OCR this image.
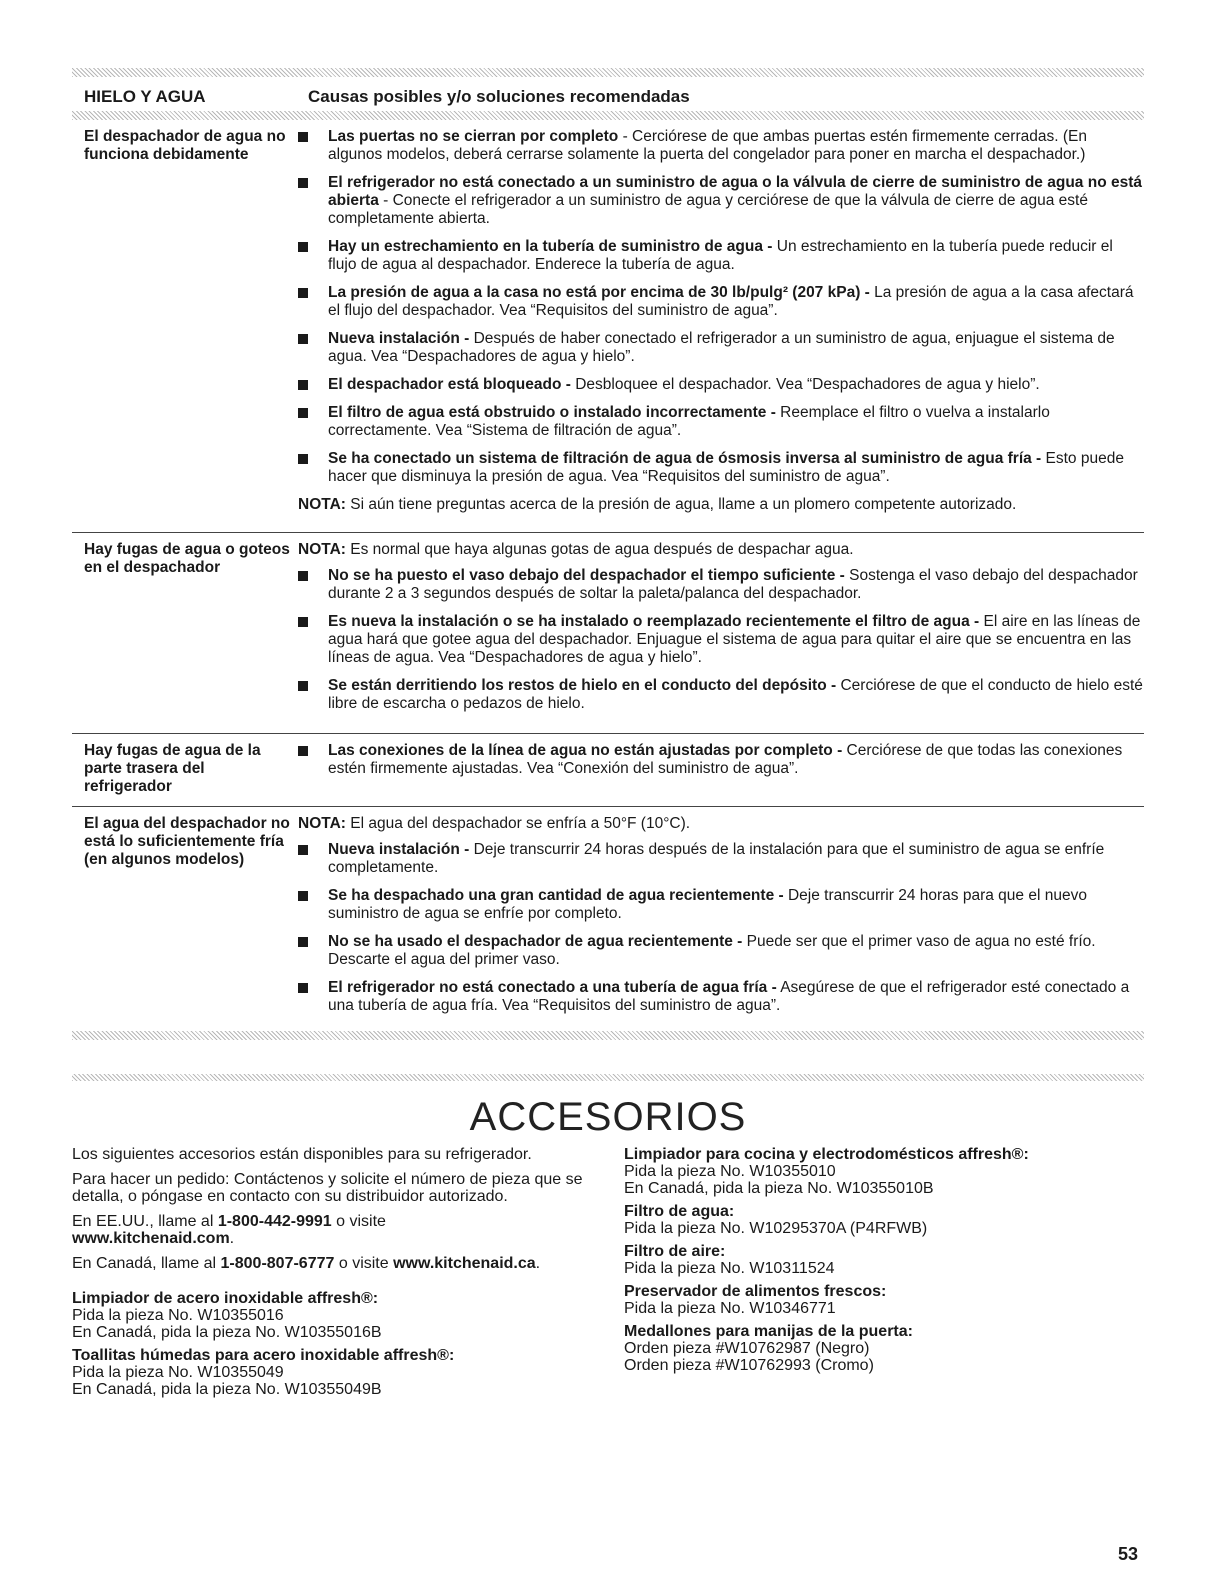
HIELO Y AGUA	Causas posibles y/o soluciones recomendadas
El despachador de agua no funciona debidamente
Las puertas no se cierran por completo - Cerciórese de que ambas puertas estén firmemente cerradas. (En algunos modelos, deberá cerrarse solamente la puerta del congelador para poner en marcha el despachador.)
El refrigerador no está conectado a un suministro de agua o la válvula de cierre de suministro de agua no está abierta - Conecte el refrigerador a un suministro de agua y cerciórese de que la válvula de cierre de agua esté completamente abierta.
Hay un estrechamiento en la tubería de suministro de agua - Un estrechamiento en la tubería puede reducir el flujo de agua al despachador. Enderece la tubería de agua.
La presión de agua a la casa no está por encima de 30 lb/pulg² (207 kPa) - La presión de agua a la casa afectará el flujo del despachador. Vea “Requisitos del suministro de agua”.
Nueva instalación - Después de haber conectado el refrigerador a un suministro de agua, enjuague el sistema de agua. Vea “Despachadores de agua y hielo”.
El despachador está bloqueado - Desbloquee el despachador. Vea “Despachadores de agua y hielo”.
El filtro de agua está obstruido o instalado incorrectamente - Reemplace el filtro o vuelva a instalarlo correctamente. Vea “Sistema de filtración de agua”.
Se ha conectado un sistema de filtración de agua de ósmosis inversa al suministro de agua fría - Esto puede hacer que disminuya la presión de agua. Vea “Requisitos del suministro de agua”.
NOTA: Si aún tiene preguntas acerca de la presión de agua, llame a un plomero competente autorizado.
Hay fugas de agua o goteos en el despachador
NOTA: Es normal que haya algunas gotas de agua después de despachar agua.
No se ha puesto el vaso debajo del despachador el tiempo suficiente - Sostenga el vaso debajo del despachador durante 2 a 3 segundos después de soltar la paleta/palanca del despachador.
Es nueva la instalación o se ha instalado o reemplazado recientemente el filtro de agua - El aire en las líneas de agua hará que gotee agua del despachador. Enjuague el sistema de agua para quitar el aire que se encuentra en las líneas de agua. Vea “Despachadores de agua y hielo”.
Se están derritiendo los restos de hielo en el conducto del depósito - Cerciórese de que el conducto de hielo esté libre de escarcha o pedazos de hielo.
Hay fugas de agua de la parte trasera del refrigerador
Las conexiones de la línea de agua no están ajustadas por completo - Cerciórese de que todas las conexiones estén firmemente ajustadas. Vea “Conexión del suministro de agua”.
El agua del despachador no está lo suficientemente fría (en algunos modelos)
NOTA: El agua del despachador se enfría a 50°F (10°C).
Nueva instalación - Deje transcurrir 24 horas después de la instalación para que el suministro de agua se enfríe completamente.
Se ha despachado una gran cantidad de agua recientemente - Deje transcurrir 24 horas para que el nuevo suministro de agua se enfríe por completo.
No se ha usado el despachador de agua recientemente - Puede ser que el primer vaso de agua no esté frío. Descarte el agua del primer vaso.
El refrigerador no está conectado a una tubería de agua fría - Asegúrese de que el refrigerador esté conectado a una tubería de agua fría. Vea “Requisitos del suministro de agua”.
ACCESORIOS

Los siguientes accesorios están disponibles para su refrigerador.

Para hacer un pedido: Contáctenos y solicite el número de pieza que se detalla, o póngase en contacto con su distribuidor autorizado.

En EE.UU., llame al 1-800-442-9991 o visite
www.kitchenaid.com.

En Canadá, llame al 1-800-807-6777 o visite www.kitchenaid.ca.

Limpiador de acero inoxidable affresh®:
Pida la pieza No. W10355016
En Canadá, pida la pieza No. W10355016B
Toallitas húmedas para acero inoxidable affresh®:
Pida la pieza No. W10355049
En Canadá, pida la pieza No. W10355049B
Limpiador para cocina y electrodomésticos affresh®:
Pida la pieza No. W10355010
En Canadá, pida la pieza No. W10355010B
Filtro de agua:
Pida la pieza No. W10295370A (P4RFWB)
Filtro de aire:
Pida la pieza No. W10311524
Preservador de alimentos frescos:
Pida la pieza No. W10346771
Medallones para manijas de la puerta:
Orden pieza #W10762987 (Negro)
Orden pieza #W10762993 (Cromo)
53
